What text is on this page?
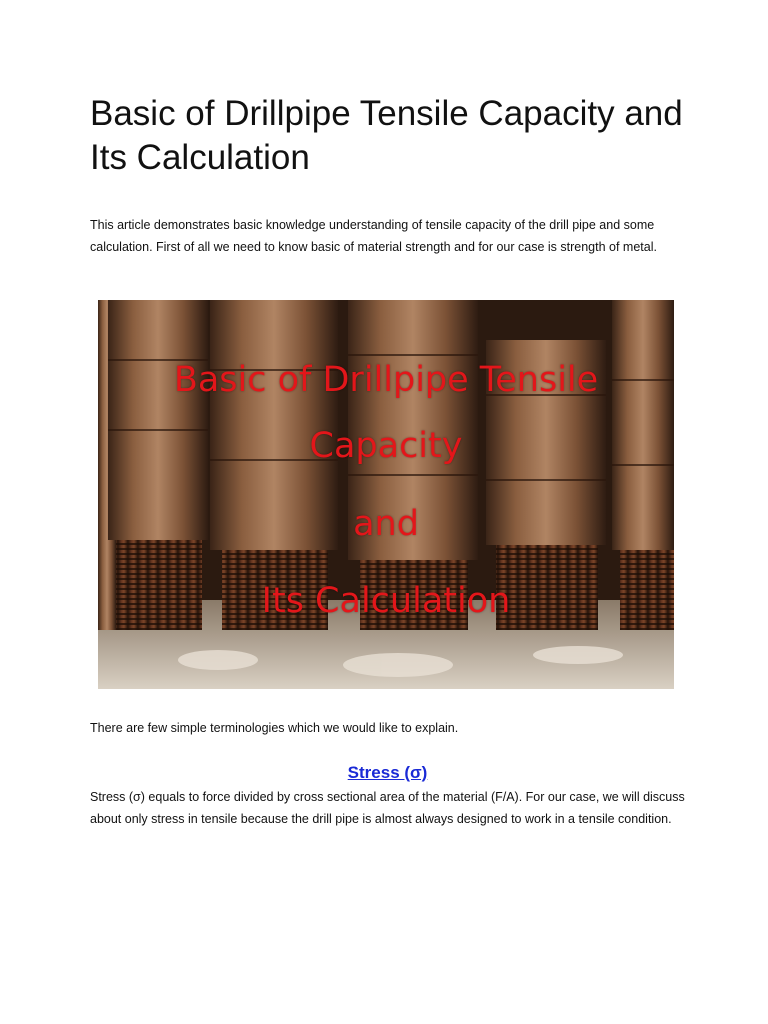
Basic of Drillpipe Tensile Capacity and Its Calculation

This article demonstrates basic knowledge understanding of tensile capacity of the drill pipe and some calculation. First of all we need to know basic of material strength and for our case is strength of metal.

Basic of Drillpipe Tensile
Capacity
and
Its Calculation

There are few simple terminologies which we would like to explain.

Stress (σ)

Stress (σ) equals to force divided by cross sectional area of the material (F/A). For our case, we will discuss about only stress in tensile because the drill pipe is almost always designed to work in a tensile condition.
